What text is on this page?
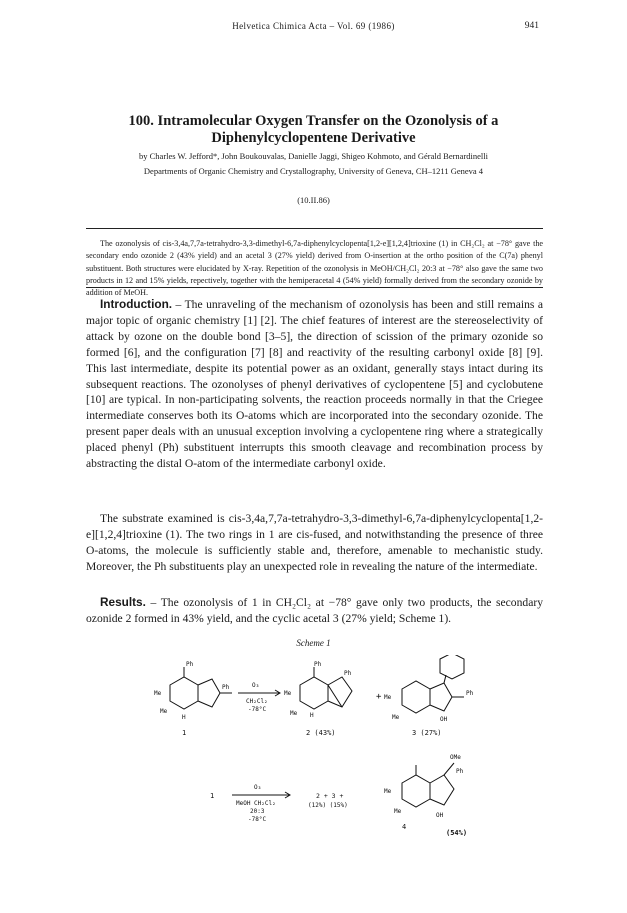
Helvetica Chimica Acta – Vol. 69 (1986)	941
100. Intramolecular Oxygen Transfer on the Ozonolysis of a Diphenylcyclopentene Derivative
by Charles W. Jefford*, John Boukouvalas, Danielle Jaggi, Shigeo Kohmoto, and Gérald Bernardinelli
Departments of Organic Chemistry and Crystallography, University of Geneva, CH–1211 Geneva 4
(10.II.86)
The ozonolysis of cis-3,4a,7,7a-tetrahydro-3,3-dimethyl-6,7a-diphenylcyclopenta[1,2-e][1,2,4]trioxine (1) in CH₂Cl₂ at −78° gave the secondary endo ozonide 2 (43% yield) and an acetal 3 (27% yield) derived from O-insertion at the ortho position of the C(7a) phenyl substituent. Both structures were elucidated by X-ray. Repetition of the ozonolysis in MeOH/CH₂Cl₂ 20:3 at −78° also gave the same two products in 12 and 15% yields, repectively, together with the hemiperacetal 4 (54% yield) formally derived from the secondary ozonide by addition of MeOH.
Introduction. – The unraveling of the mechanism of ozonolysis has been and still remains a major topic of organic chemistry [1] [2]. The chief features of interest are the stereoselectivity of attack by ozone on the double bond [3–5], the direction of scission of the primary ozonide so formed [6], and the configuration [7] [8] and reactivity of the resulting carbonyl oxide [8] [9]. This last intermediate, despite its potential power as an oxidant, generally stays intact during its subsequent reactions. The ozonolyses of phenyl derivatives of cyclopentene [5] and cyclobutene [10] are typical. In non-participating solvents, the reaction proceeds normally in that the Criegee intermediate conserves both its O-atoms which are incorporated into the secondary ozonide. The present paper deals with an unusual exception involving a cyclopentene ring where a strategically placed phenyl (Ph) substituent interrupts this smooth cleavage and recombination process by abstracting the distal O-atom of the intermediate carbonyl oxide.
The substrate examined is cis-3,4a,7,7a-tetrahydro-3,3-dimethyl-6,7a-diphenylcyclopenta[1,2-e][1,2,4]trioxine (1). The two rings in 1 are cis-fused, and notwithstanding the presence of three O-atoms, the molecule is sufficiently stable and, therefore, amenable to mechanistic study. Moreover, the Ph substituents play an unexpected role in revealing the nature of the intermediate.
Results. – The ozonolysis of 1 in CH₂Cl₂ at −78° gave only two products, the secondary ozonide 2 formed in 43% yield, and the cyclic acetal 3 (27% yield; Scheme 1).
Scheme 1
Ph
Me
Me
Ph
H
1
O₃
CH₂Cl₂
-78°C
Ph
Ph
Me
Me H
2 (43%)
+ Me
Me
Ph
OH
3 (27%)
1
O₃
MeOH CH₂Cl₂
20:3
-78°C
2 + 3 +
(12%) (15%)
OMe
Ph
Me
Me
OH
4
(54%)
